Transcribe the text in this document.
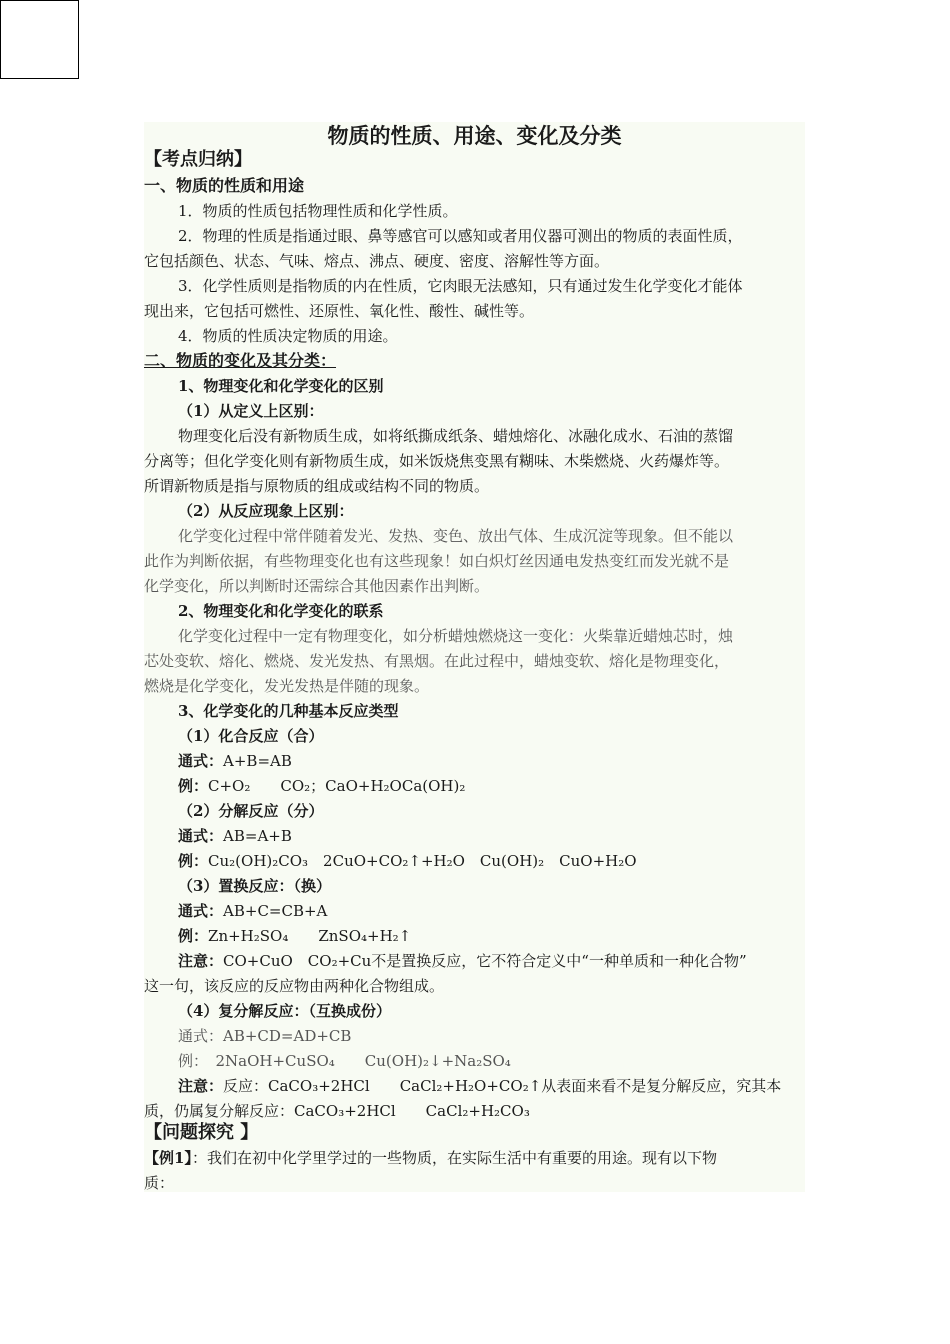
物质的性质、用途、变化及分类
【考点归纳】
一、物质的性质和用途
1．物质的性质包括物理性质和化学性质。
2．物理的性质是指通过眼、鼻等感官可以感知或者用仪器可测出的物质的表面性质，
它包括颜色、状态、气味、熔点、沸点、硬度、密度、溶解性等方面。
3．化学性质则是指物质的内在性质，它肉眼无法感知，只有通过发生化学变化才能体
现出来，它包括可燃性、还原性、氧化性、酸性、碱性等。
4．物质的性质决定物质的用途。
二、物质的变化及其分类：
1、物理变化和化学变化的区别
（1）从定义上区别：
物理变化后没有新物质生成，如将纸撕成纸条、蜡烛熔化、冰融化成水、石油的蒸馏
分离等；但化学变化则有新物质生成，如米饭烧焦变黑有糊味、木柴燃烧、火药爆炸等。
所谓新物质是指与原物质的组成或结构不同的物质。
（2）从反应现象上区别：
化学变化过程中常伴随着发光、发热、变色、放出气体、生成沉淀等现象。但不能以
此作为判断依据，有些物理变化也有这些现象！如白炽灯丝因通电发热变红而发光就不是
化学变化，所以判断时还需综合其他因素作出判断。
2、物理变化和化学变化的联系
化学变化过程中一定有物理变化，如分析蜡烛燃烧这一变化：火柴靠近蜡烛芯时，烛
芯处变软、熔化、燃烧、发光发热、有黑烟。在此过程中，蜡烛变软、熔化是物理变化，
燃烧是化学变化，发光发热是伴随的现象。
3、化学变化的几种基本反应类型
（1）化合反应（合）
通式：A+B=AB
例：C+O₂　　CO₂；CaO+H₂OCa(OH)₂
（2）分解反应（分）
通式：AB=A+B
例：Cu₂(OH)₂CO₃　2CuO+CO₂↑+H₂O　Cu(OH)₂　CuO+H₂O
（3）置换反应：（换）
通式：AB+C=CB+A
例：Zn+H₂SO₄　　ZnSO₄+H₂↑
注意：CO+CuO　CO₂+Cu不是置换反应，它不符合定义中“一种单质和一种化合物”
这一句，该反应的反应物由两种化合物组成。
（4）复分解反应：（互换成份）
通式：AB+CD=AD+CB
例：　2NaOH+CuSO₄　　Cu(OH)₂↓+Na₂SO₄
注意：反应：CaCO₃+2HCl　　CaCl₂+H₂O+CO₂↑从表面来看不是复分解反应，究其本
质，仍属复分解反应：CaCO₃+2HCl　　CaCl₂+H₂CO₃
【问题探究 】
【例1】：我们在初中化学里学过的一些物质，在实际生活中有重要的用途。现有以下物
质：
